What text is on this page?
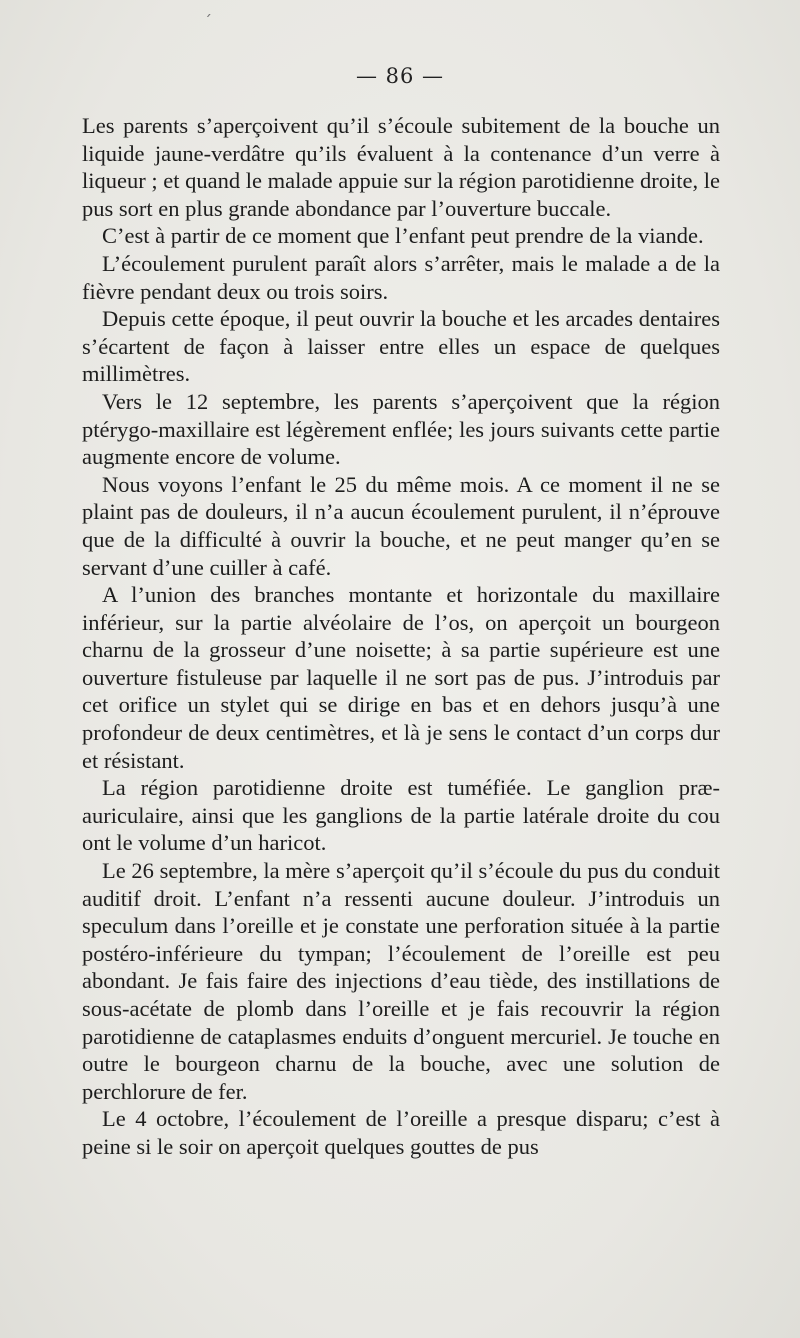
ˊ
— 86 —

Les parents s’aperçoivent qu’il s’écoule subitement de la bouche un liquide jaune-verdâtre qu’ils évaluent à la contenance d’un verre à liqueur ; et quand le malade appuie sur la région parotidienne droite, le pus sort en plus grande abondance par l’ouverture buccale.

C’est à partir de ce moment que l’enfant peut prendre de la viande.

L’écoulement purulent paraît alors s’arrêter, mais le malade a de la fièvre pendant deux ou trois soirs.

Depuis cette époque, il peut ouvrir la bouche et les arcades dentaires s’écartent de façon à laisser entre elles un espace de quelques millimètres.

Vers le 12 septembre, les parents s’aperçoivent que la région ptérygo-maxillaire est légèrement enflée; les jours suivants cette partie augmente encore de volume.

Nous voyons l’enfant le 25 du même mois. A ce moment il ne se plaint pas de douleurs, il n’a aucun écoulement purulent, il n’éprouve que de la difficulté à ouvrir la bouche, et ne peut manger qu’en se servant d’une cuiller à café.

A l’union des branches montante et horizontale du maxillaire inférieur, sur la partie alvéolaire de l’os, on aperçoit un bourgeon charnu de la grosseur d’une noisette; à sa partie supérieure est une ouverture fistuleuse par laquelle il ne sort pas de pus. J’introduis par cet orifice un stylet qui se dirige en bas et en dehors jusqu’à une profondeur de deux centimètres, et là je sens le contact d’un corps dur et résistant.

La région parotidienne droite est tuméfiée. Le ganglion præ-auriculaire, ainsi que les ganglions de la partie latérale droite du cou ont le volume d’un haricot.

Le 26 septembre, la mère s’aperçoit qu’il s’écoule du pus du conduit auditif droit. L’enfant n’a ressenti aucune douleur. J’introduis un speculum dans l’oreille et je constate une perforation située à la partie postéro-inférieure du tympan; l’écoulement de l’oreille est peu abondant. Je fais faire des injections d’eau tiède, des instillations de sous-acétate de plomb dans l’oreille et je fais recouvrir la région parotidienne de cataplasmes enduits d’onguent mercuriel. Je touche en outre le bourgeon charnu de la bouche, avec une solution de perchlorure de fer.

Le 4 octobre, l’écoulement de l’oreille a presque disparu; c’est à peine si le soir on aperçoit quelques gouttes de pus
